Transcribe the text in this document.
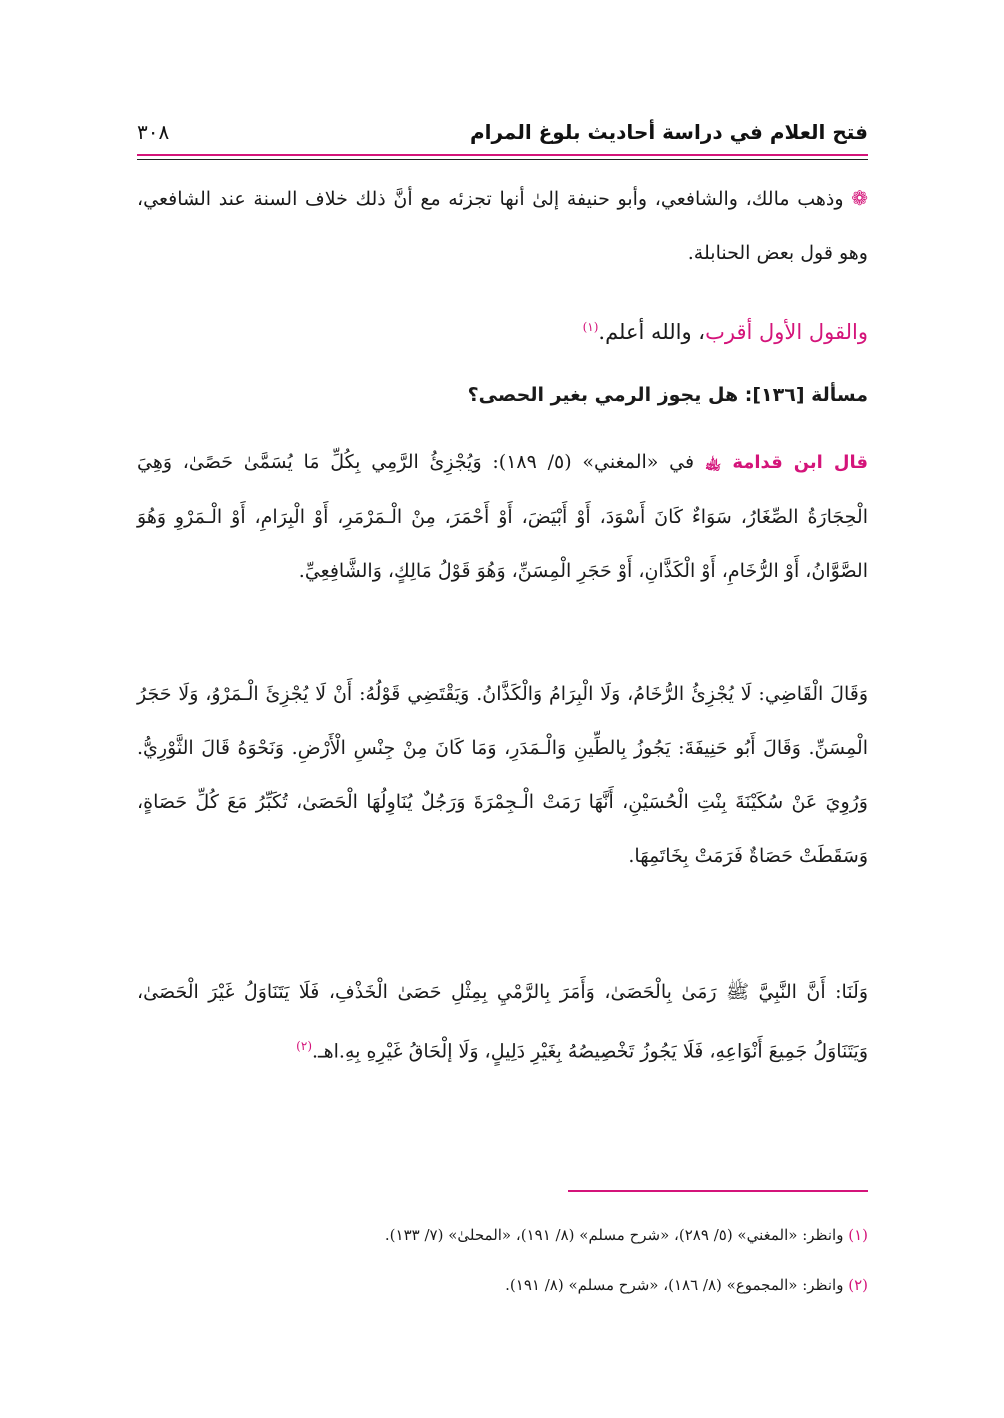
فتح العلام في دراسة أحاديث بلوغ المرام
٣٠٨
❁ وذهب مالك، والشافعي، وأبو حنيفة إلىٰ أنها تجزئه مع أنَّ ذلك خلاف السنة عند الشافعي، وهو قول بعض الحنابلة.
والقول الأول أقرب، والله أعلم.$^{(١)}$
مسألة [١٣٦]: هل يجوز الرمي بغير الحصى؟
قال ابن قدامة ﵀ في «المغني» (٥/ ١٨٩): وَيُجْزِئُ الرَّمِي بِكُلِّ مَا يُسَمَّىٰ حَصًىٰ، وَهِيَ الْحِجَارَةُ الصِّغَارُ، سَوَاءٌ كَانَ أَسْوَدَ، أَوْ أَبْيَضَ، أَوْ أَحْمَرَ، مِنْ الْـمَرْمَرِ، أَوْ الْبِرَامِ، أَوْ الْـمَرْوِ وَهُوَ الصَّوَّانُ، أَوْ الرُّخَامِ، أَوْ الْكَذَّانِ، أَوْ حَجَرِ الْمِسَنِّ، وَهُوَ قَوْلُ مَالِكٍ، وَالشَّافِعِيِّ.
وَقَالَ الْقَاضِي: لَا يُجْزِئُ الرُّخَامُ، وَلَا الْبِرَامُ وَالْكَذَّانُ. وَيَقْتَضِي قَوْلُهُ: أَنْ لَا يُجْزِئَ الْـمَرْوُ، وَلَا حَجَرُ الْمِسَنِّ. وَقَالَ أَبُو حَنِيفَةَ: يَجُوزُ بِالطِّينِ وَالْـمَدَرِ، وَمَا كَانَ مِنْ جِنْسِ الْأَرْضِ. وَنَحْوَهُ قَالَ الثَّوْرِيُّ. وَرُوِيَ عَنْ سُكَيْنَةَ بِنْتِ الْحُسَيْنِ، أَنَّهَا رَمَتْ الْـجِمْرَةَ وَرَجُلٌ يُنَاوِلُهَا الْحَصَىٰ، تُكَبِّرُ مَعَ كُلِّ حَصَاةٍ، وَسَقَطَتْ حَصَاةٌ فَرَمَتْ بِخَاتَمِهَا.
وَلَنَا: أَنَّ النَّبِيَّ ﷺ رَمَىٰ بِالْحَصَىٰ، وَأَمَرَ بِالرَّمْيِ بِمِثْلِ حَصَىٰ الْخَذْفِ، فَلَا يَتَنَاوَلُ غَيْرَ الْحَصَىٰ، وَيَتَنَاوَلُ جَمِيعَ أَنْوَاعِهِ، فَلَا يَجُوزُ تَخْصِيصُهُ بِغَيْرِ دَلِيلٍ، وَلَا إلْحَاقُ غَيْرِهِ بِهِ.اهـ.$^{(٢)}$
(١) وانظر: «المغني» (٥/ ٢٨٩)، «شرح مسلم» (٨/ ١٩١)، «المحلىٰ» (٧/ ١٣٣).
(٢) وانظر: «المجموع» (٨/ ١٨٦)، «شرح مسلم» (٨/ ١٩١).
